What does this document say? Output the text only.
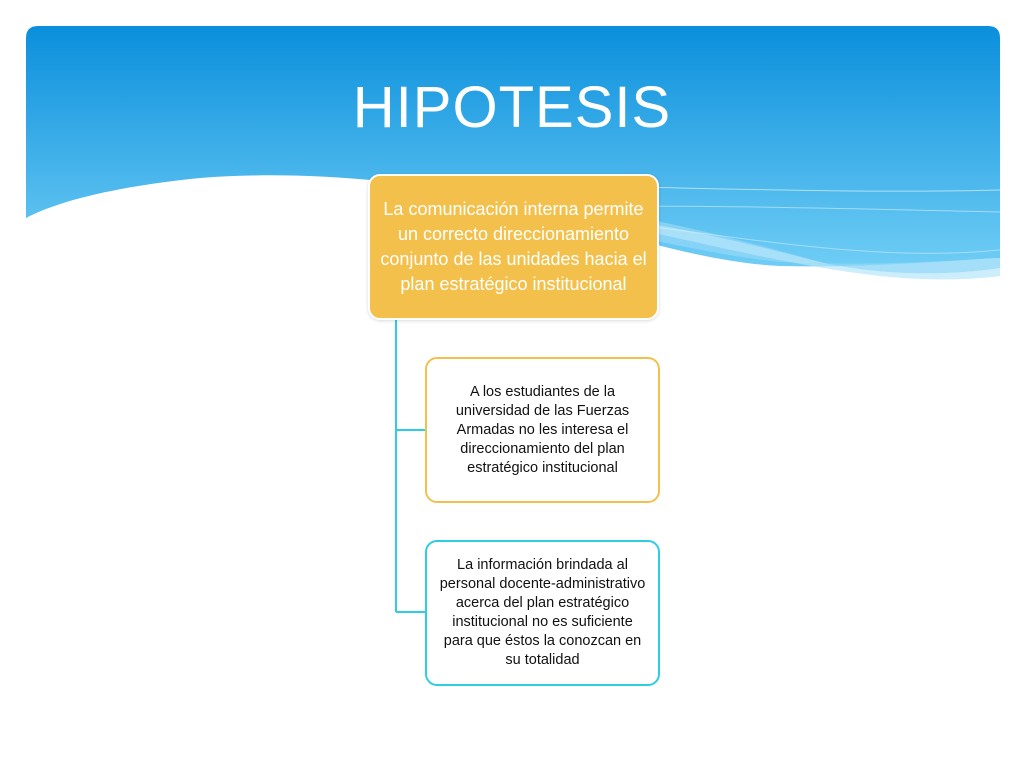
HIPOTESIS
La comunicación interna permite un correcto direccionamiento conjunto de las unidades hacia el plan estratégico institucional
A los estudiantes de la universidad de las Fuerzas Armadas no les interesa el direccionamiento del plan estratégico institucional
La información brindada al personal docente-administrativo acerca del plan estratégico institucional no es suficiente para que éstos la conozcan en su totalidad
